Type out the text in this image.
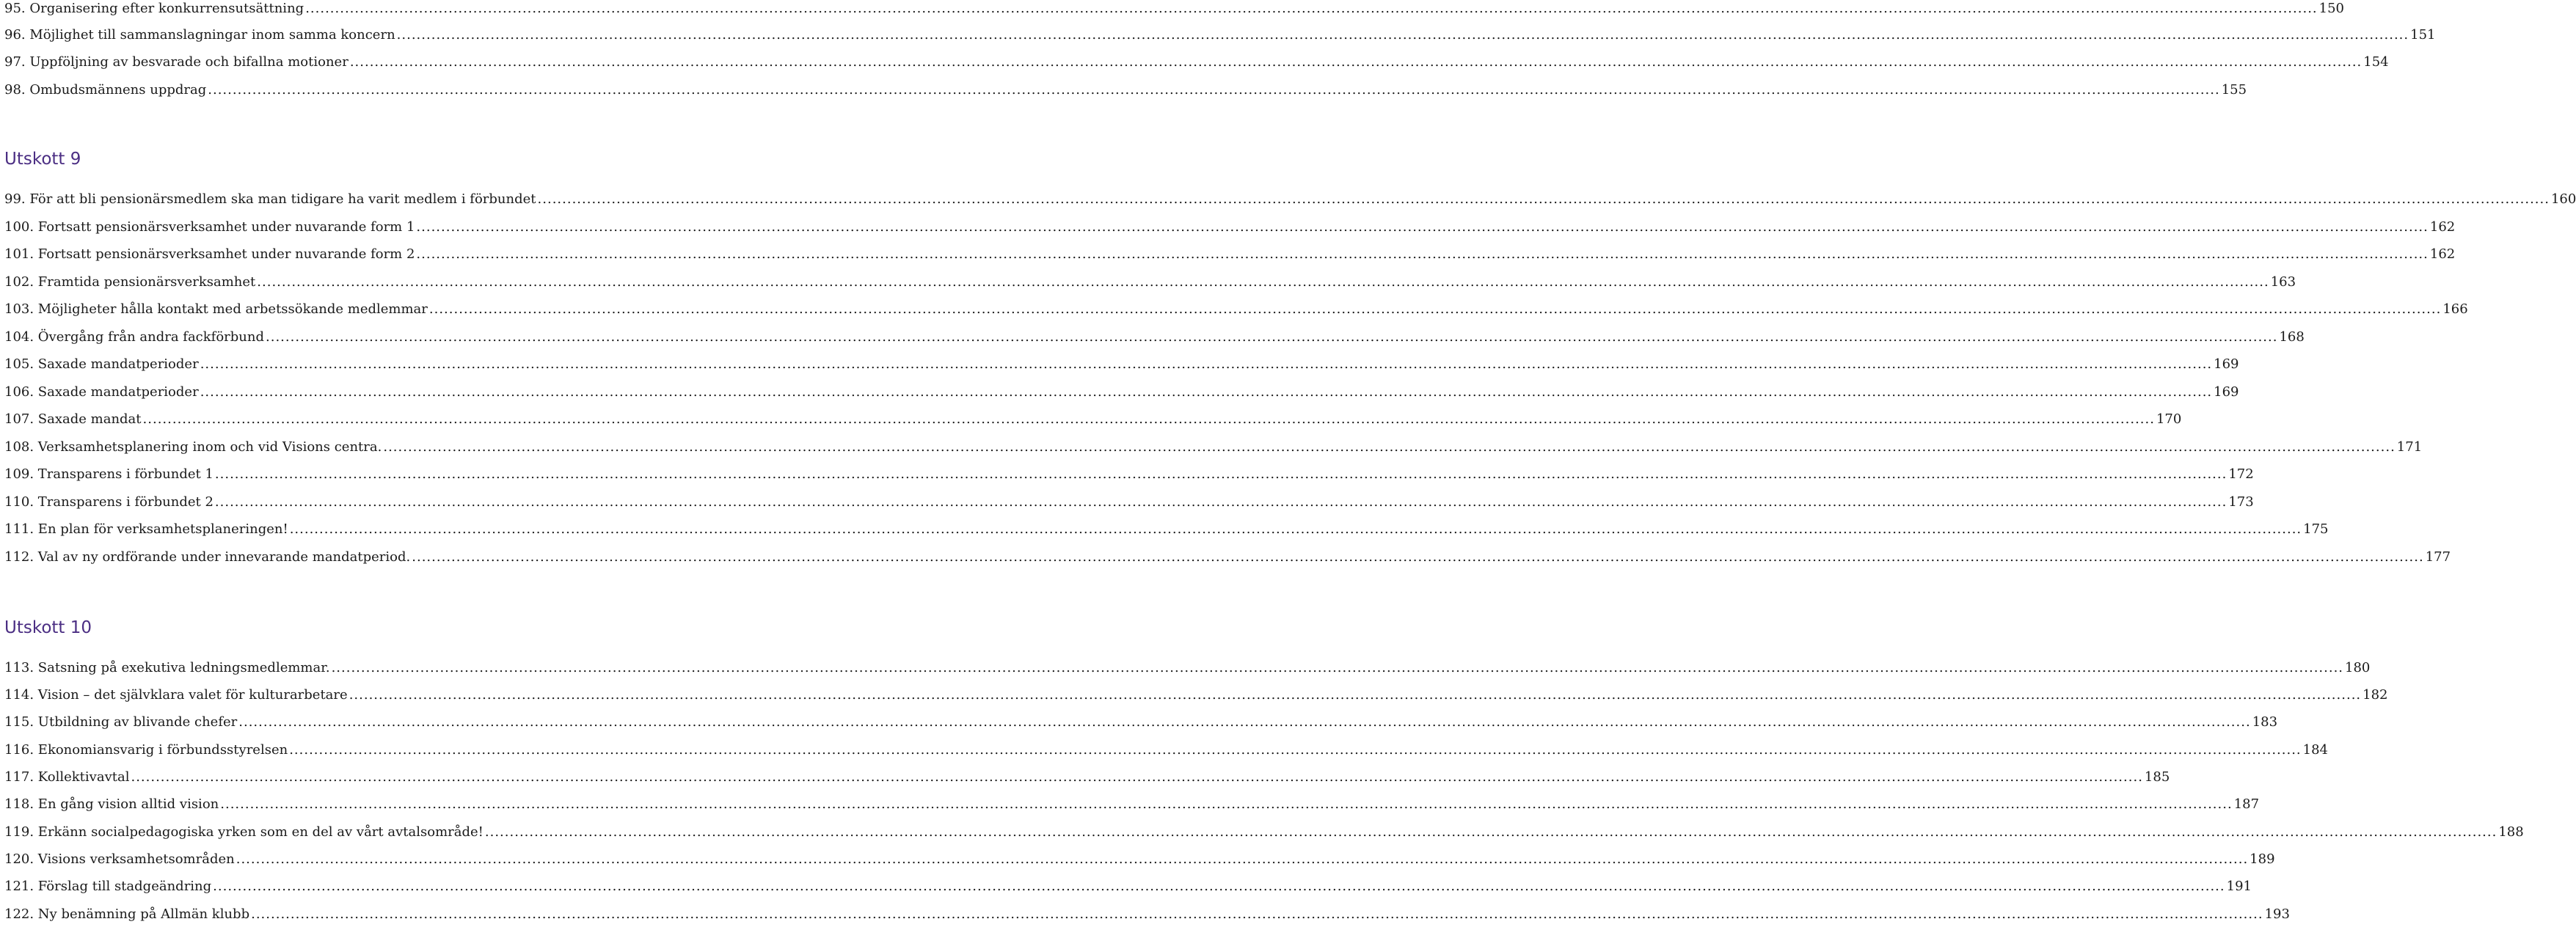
95. Organisering efter konkurrensutsättning .....	150
96. Möjlighet till sammanslagningar inom samma koncern .....	151
97. Uppföljning av besvarade och bifallna motioner .....	154
98. Ombudsmännens uppdrag .....	155
Utskott 9
99. För att bli pensionärsmedlem ska man tidigare ha varit medlem i förbundet .....	160
100. Fortsatt pensionärsverksamhet under nuvarande form 1 .....	162
101. Fortsatt pensionärsverksamhet under nuvarande form 2 .....	162
102. Framtida pensionärsverksamhet .....	163
103. Möjligheter hålla kontakt med arbetssökande medlemmar .....	166
104. Övergång från andra fackförbund .....	168
105. Saxade mandatperioder .....	169
106. Saxade mandatperioder .....	169
107. Saxade mandat .....	170
108. Verksamhetsplanering inom och vid Visions centra. .....	171
109. Transparens i förbundet 1 .....	172
110. Transparens i förbundet 2 .....	173
111. En plan för verksamhetsplaneringen! .....	175
112. Val av ny ordförande under innevarande mandatperiod. .....	177
Utskott 10
113. Satsning på exekutiva ledningsmedlemmar. .....	180
114. Vision – det självklara valet för kulturarbetare .....	182
115. Utbildning av blivande chefer .....	183
116. Ekonomiansvarig i förbundsstyrelsen .....	184
117. Kollektivavtal .....	185
118. En gång vision alltid vision .....	187
119. Erkänn socialpedagogiska yrken som en del av vårt avtalsområde! .....	188
120. Visions verksamhetsområden .....	189
121. Förslag till stadgeändring .....	191
122. Ny benämning på Allmän klubb .....	193
